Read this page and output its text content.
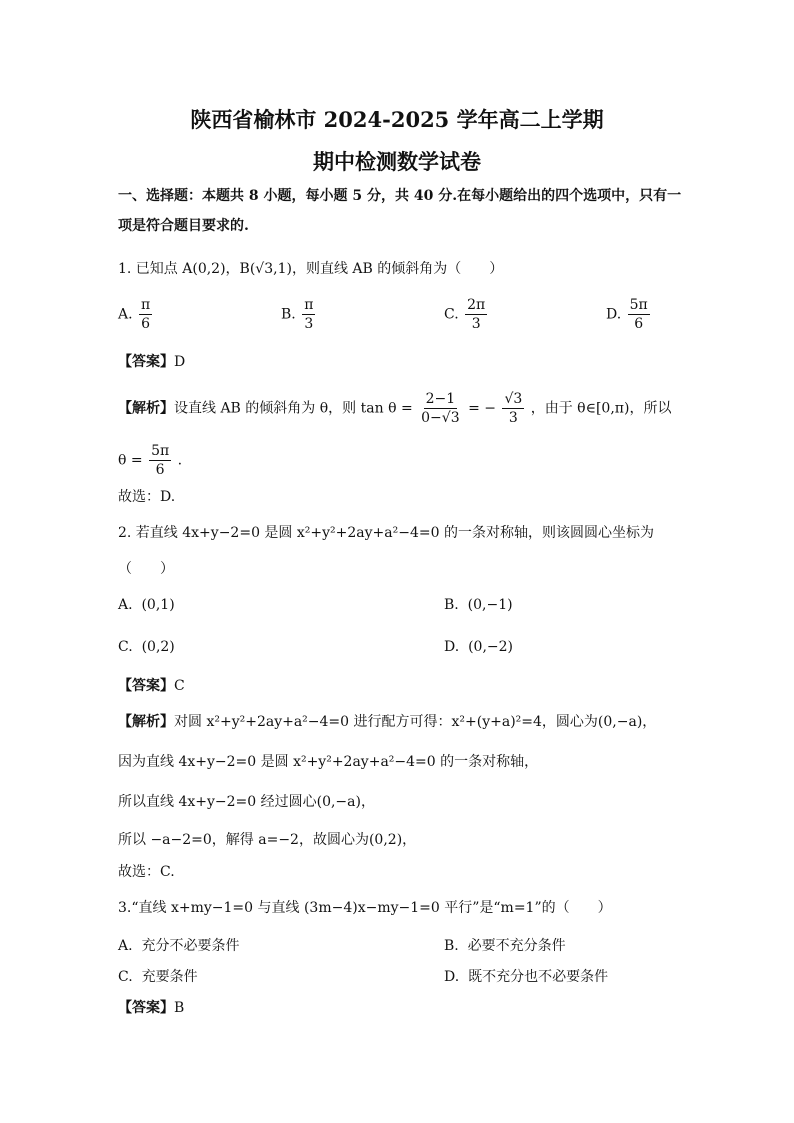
陕西省榆林市 2024-2025 学年高二上学期
期中检测数学试卷
一、选择题：本题共 8 小题，每小题 5 分，共 40 分.在每小题给出的四个选项中，只有一
项是符合题目要求的.
1. 已知点 A(0,2)，B(√3,1)，则直线 AB 的倾斜角为（　　）
A. $\frac{\pi}{6}$	B. $\frac{\pi}{3}$	C. $\frac{2\pi}{3}$	D. $\frac{5\pi}{6}$
【答案】D
【解析】设直线 AB 的倾斜角为 θ，则 $\tan \theta = \frac{2-1}{0-√3}$ = − $\frac{√3}{3}$ ，由于 θ∈[0,π)，所以
$\theta = \frac{5\pi}{6}$ .
故选：D.
2. 若直线 4x+y−2=0 是圆 x²+y²+2ay+a²−4=0 的一条对称轴，则该圆圆心坐标为
（　　）
A. (0,1)	B. (0,−1)
C. (0,2)	D. (0,−2)
【答案】C
【解析】对圆 x²+y²+2ay+a²−4=0 进行配方可得：x²+(y+a)²=4，圆心为(0,−a)，
因为直线 4x+y−2=0 是圆 x²+y²+2ay+a²−4=0 的一条对称轴，
所以直线 4x+y−2=0 经过圆心(0,−a)，
所以 −a−2=0，解得 a=−2，故圆心为(0,2)，
故选：C.
3.“直线 x+my−1=0 与直线 (3m−4)x−my−1=0 平行”是“m=1”的（　　）
A. 充分不必要条件	B. 必要不充分条件
C. 充要条件	D. 既不充分也不必要条件
【答案】B
